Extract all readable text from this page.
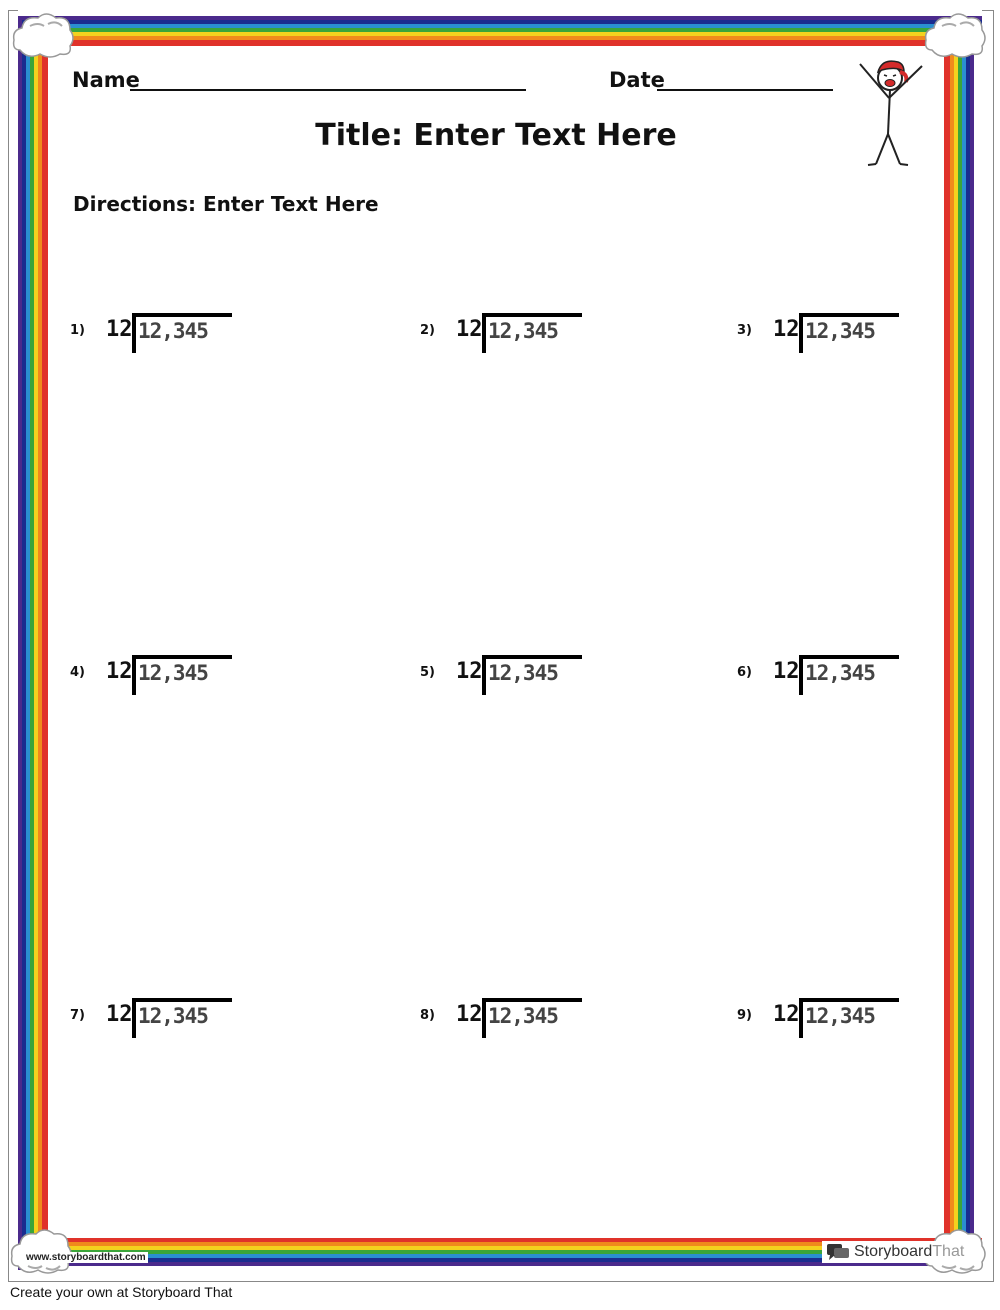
Name	Date
Title: Enter Text Here
Directions: Enter Text Here
1) 12 12,345	2) 12 12,345	3) 12 12,345
4) 12 12,345	5) 12 12,345	6) 12 12,345
7) 12 12,345	8) 12 12,345	9) 12 12,345
www.storyboardthat.com	Storyboard That
Create your own at Storyboard That
